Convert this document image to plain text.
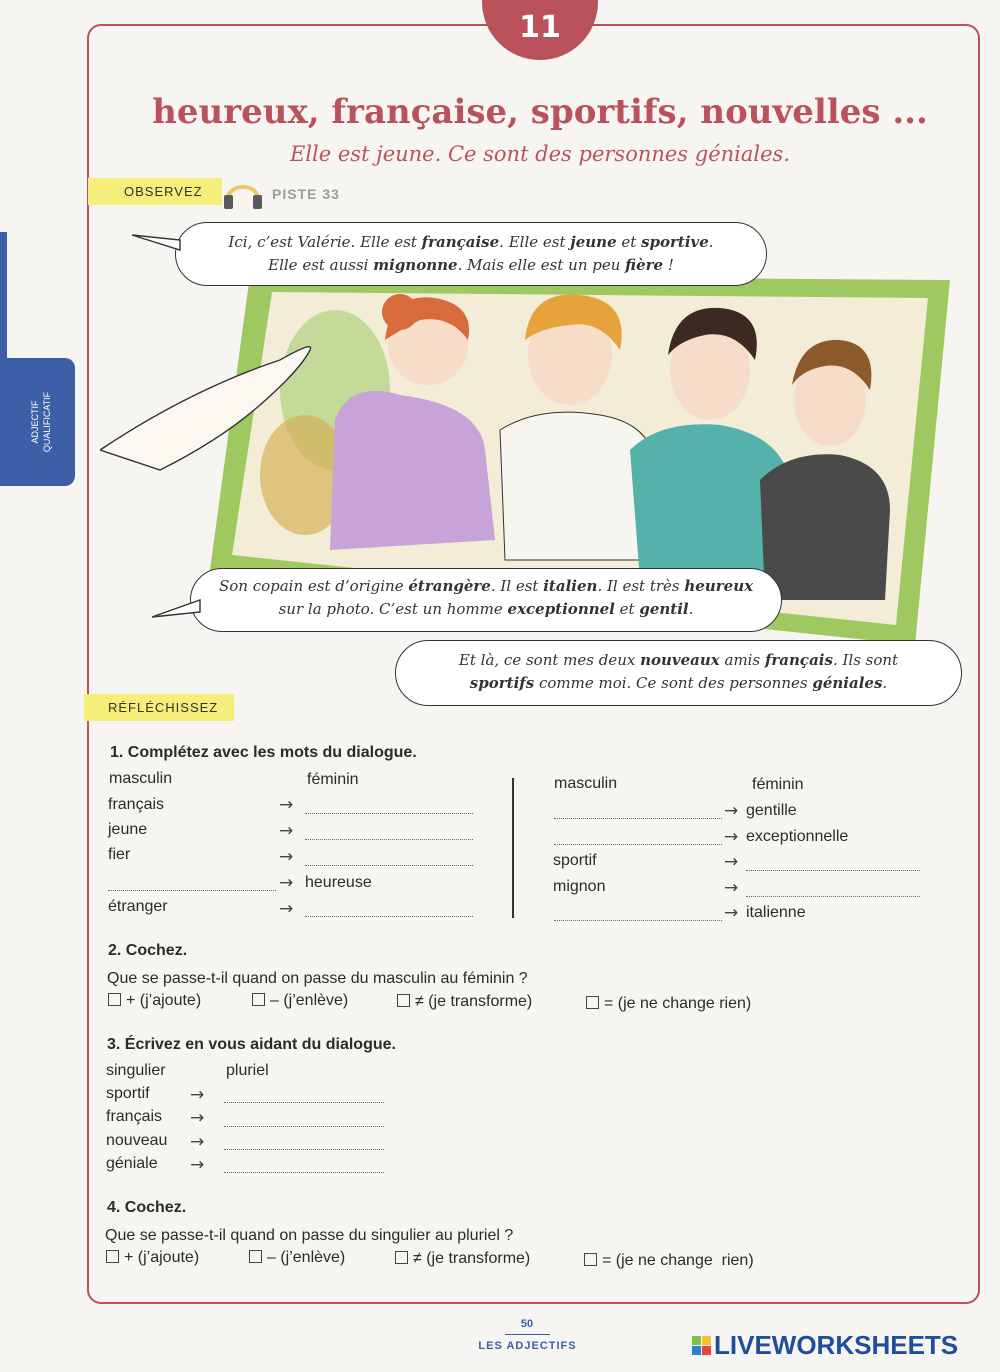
11
ADJECTIF QUALIFICATIF
heureux, française, sportifs, nouvelles ...
Elle est jeune. Ce sont des personnes géniales.
OBSERVEZ	PISTE 33
Ici, c’est Valérie. Elle est française. Elle est jeune et sportive.
Elle est aussi mignonne. Mais elle est un peu fière !
Son copain est d’origine étrangère. Il est italien. Il est très heureux
sur la photo. C’est un homme exceptionnel et gentil.
Et là, ce sont mes deux nouveaux amis français. Ils sont
sportifs comme moi. Ce sont des personnes géniales.
RÉFLÉCHISSEZ
1. Complétez avec les mots du dialogue.
masculin	féminin
français	→
jeune	→
fier	→
→ heureuse
étranger	→
masculin	féminin
→ gentille
→ exceptionnelle
sportif	→
mignon	→
→ italienne
2. Cochez.
Que se passe-t-il quand on passe du masculin au féminin ?
+ (j’ajoute)	– (j’enlève)	≠ (je transforme)	= (je ne change rien)
3. Écrivez en vous aidant du dialogue.
singulier	pluriel
sportif →
français →
nouveau →
géniale →
4. Cochez.
Que se passe-t-il quand on passe du singulier au pluriel ?
+ (j’ajoute)	– (j’enlève)	≠ (je transforme)	= (je ne change  rien)
50
LES ADJECTIFS	LIVEWORKSHEETS
